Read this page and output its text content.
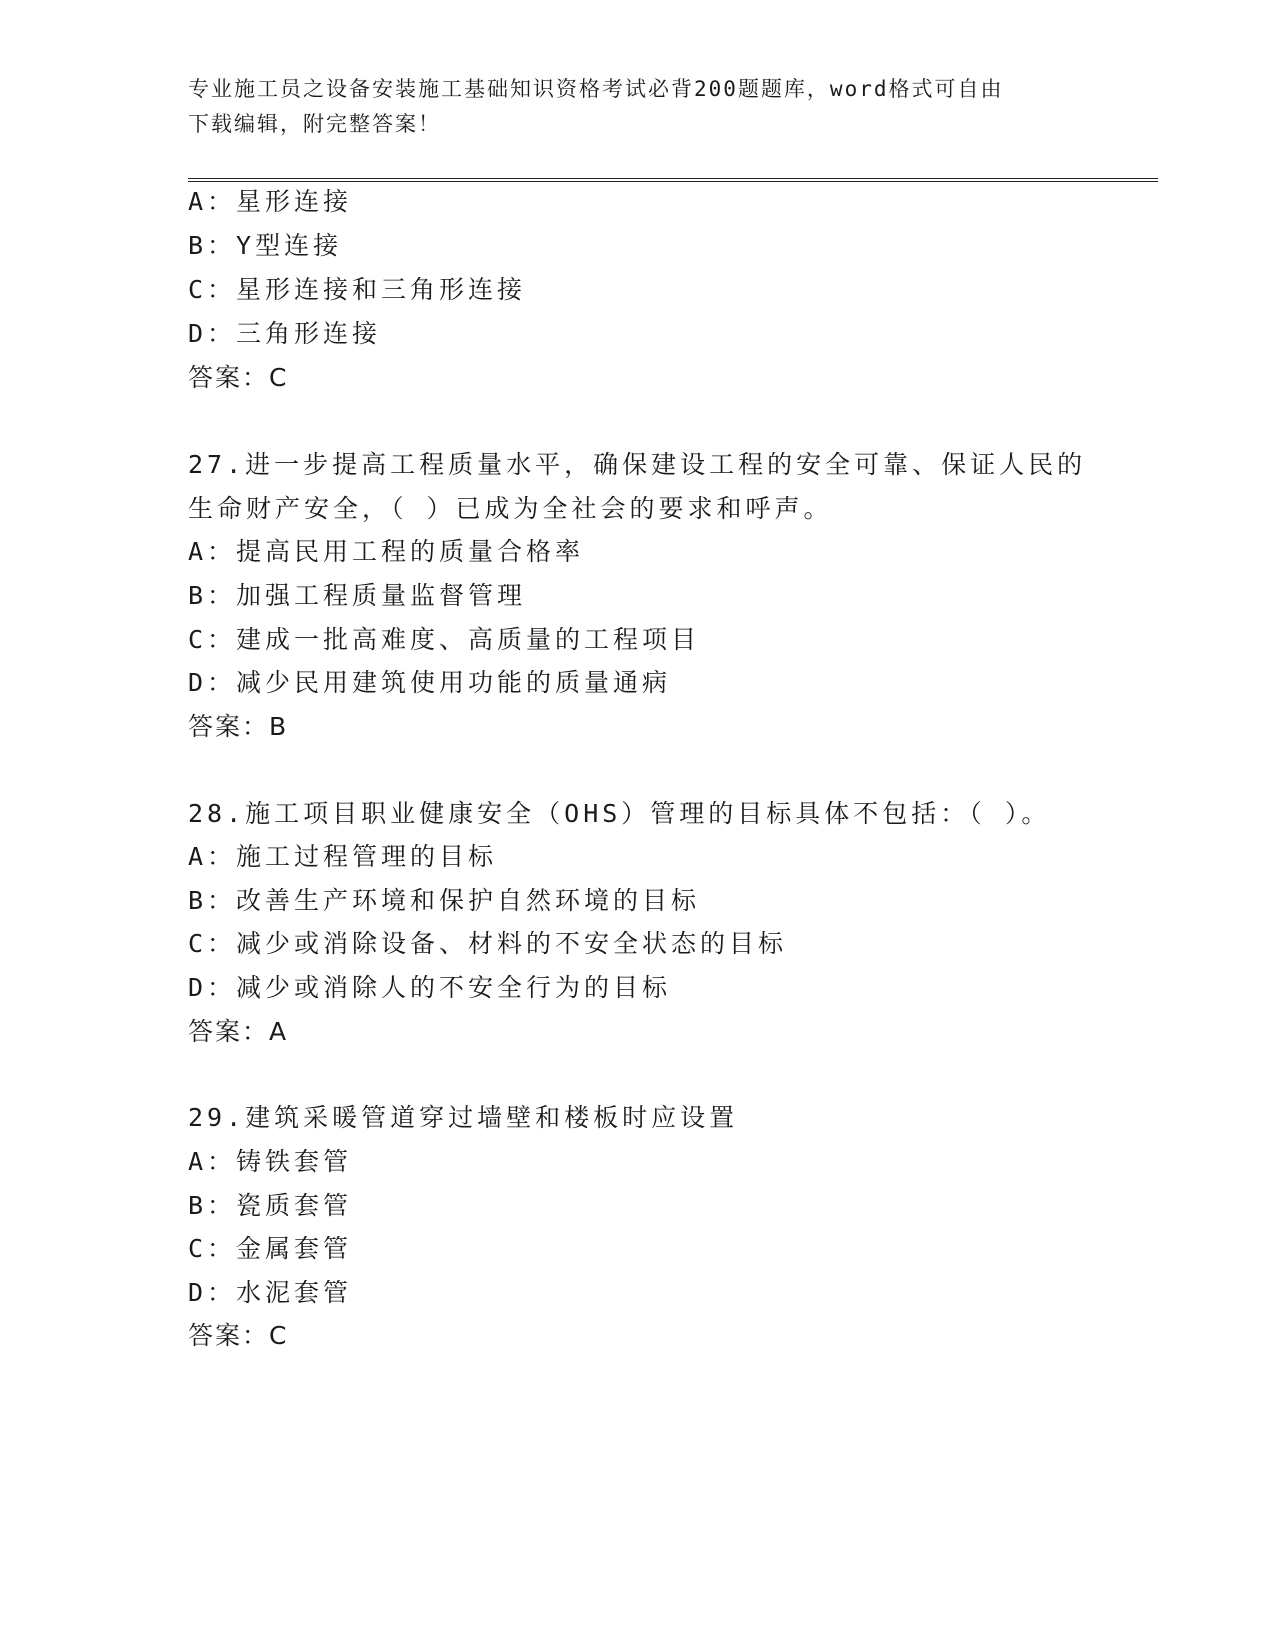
专业施工员之设备安装施工基础知识资格考试必背200题题库，word格式可自由
下载编辑，附完整答案！
A：星形连接
B：Y型连接
C：星形连接和三角形连接
D：三角形连接
答案：C
27.进一步提高工程质量水平，确保建设工程的安全可靠、保证人民的
生命财产安全，（ ）已成为全社会的要求和呼声。
A：提高民用工程的质量合格率
B：加强工程质量监督管理
C：建成一批高难度、高质量的工程项目
D：减少民用建筑使用功能的质量通病
答案：B
28.施工项目职业健康安全（OHS）管理的目标具体不包括：（ ）。
A：施工过程管理的目标
B：改善生产环境和保护自然环境的目标
C：减少或消除设备、材料的不安全状态的目标
D：减少或消除人的不安全行为的目标
答案：A
29.建筑采暖管道穿过墙壁和楼板时应设置
A：铸铁套管
B：瓷质套管
C：金属套管
D：水泥套管
答案：C
